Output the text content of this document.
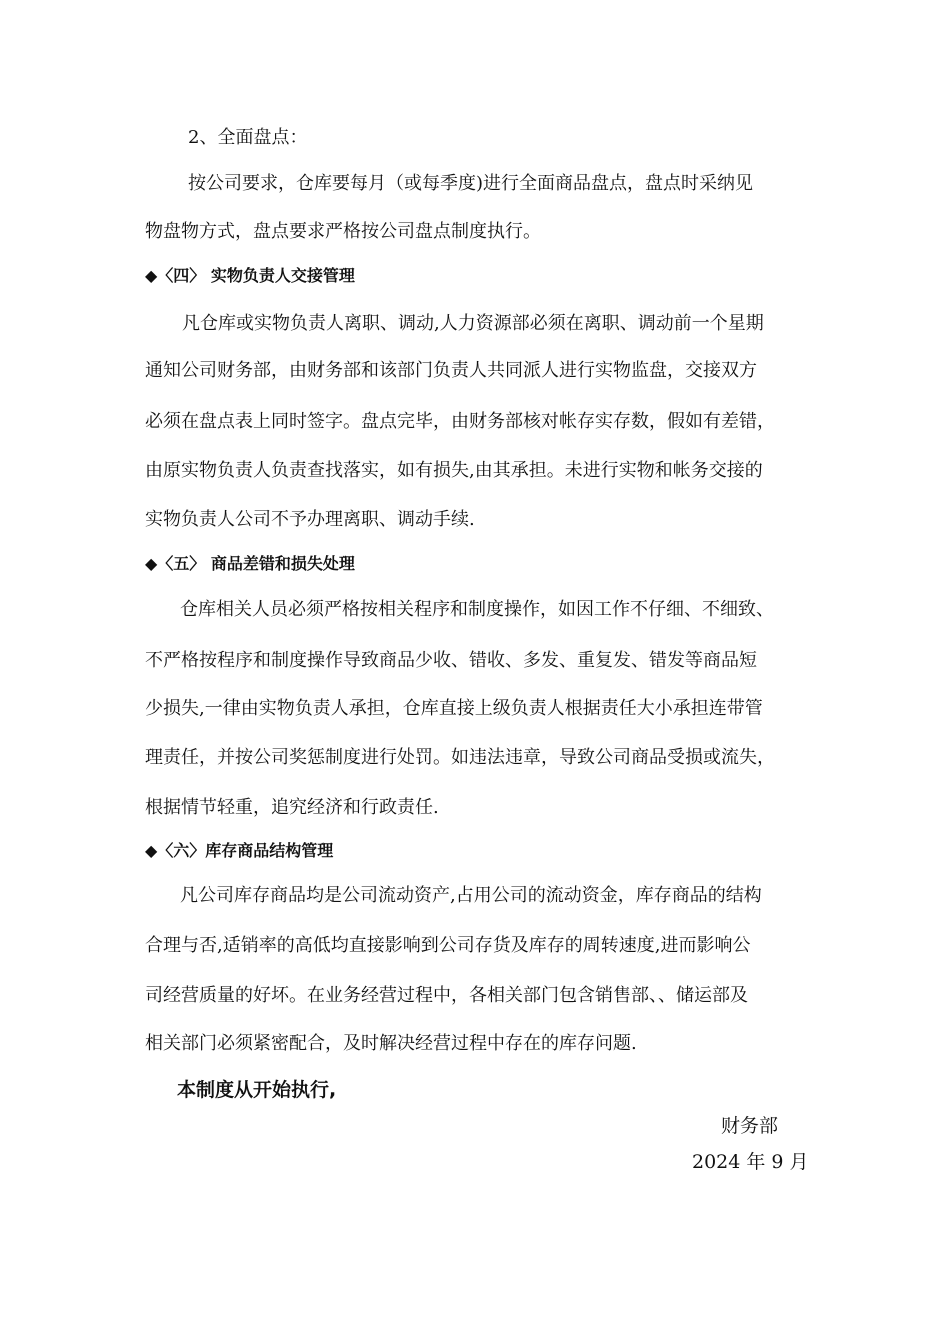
2、全面盘点：
按公司要求，仓库要每月（或每季度)进行全面商品盘点，盘点时采纳见
物盘物方式，盘点要求严格按公司盘点制度执行。
◆〈四〉 实物负责人交接管理
凡仓库或实物负责人离职、调动,人力资源部必须在离职、调动前一个星期
通知公司财务部，由财务部和该部门负责人共同派人进行实物监盘，交接双方
必须在盘点表上同时签字。盘点完毕，由财务部核对帐存实存数，假如有差错，
由原实物负责人负责查找落实，如有损失,由其承担。未进行实物和帐务交接的
实物负责人公司不予办理离职、调动手续.
◆〈五〉 商品差错和损失处理
仓库相关人员必须严格按相关程序和制度操作，如因工作不仔细、不细致、
不严格按程序和制度操作导致商品少收、错收、多发、重复发、错发等商品短
少损失,一律由实物负责人承担，仓库直接上级负责人根据责任大小承担连带管
理责任，并按公司奖惩制度进行处罚。如违法违章，导致公司商品受损或流失，
根据情节轻重，追究经济和行政责任.
◆〈六〉库存商品结构管理
凡公司库存商品均是公司流动资产,占用公司的流动资金，库存商品的结构
合理与否,适销率的高低均直接影响到公司存货及库存的周转速度,进而影响公
司经营质量的好坏。在业务经营过程中，各相关部门包含销售部、、储运部及
相关部门必须紧密配合，及时解决经营过程中存在的库存问题.
本制度从开始执行,
财务部
2024 年 9 月
